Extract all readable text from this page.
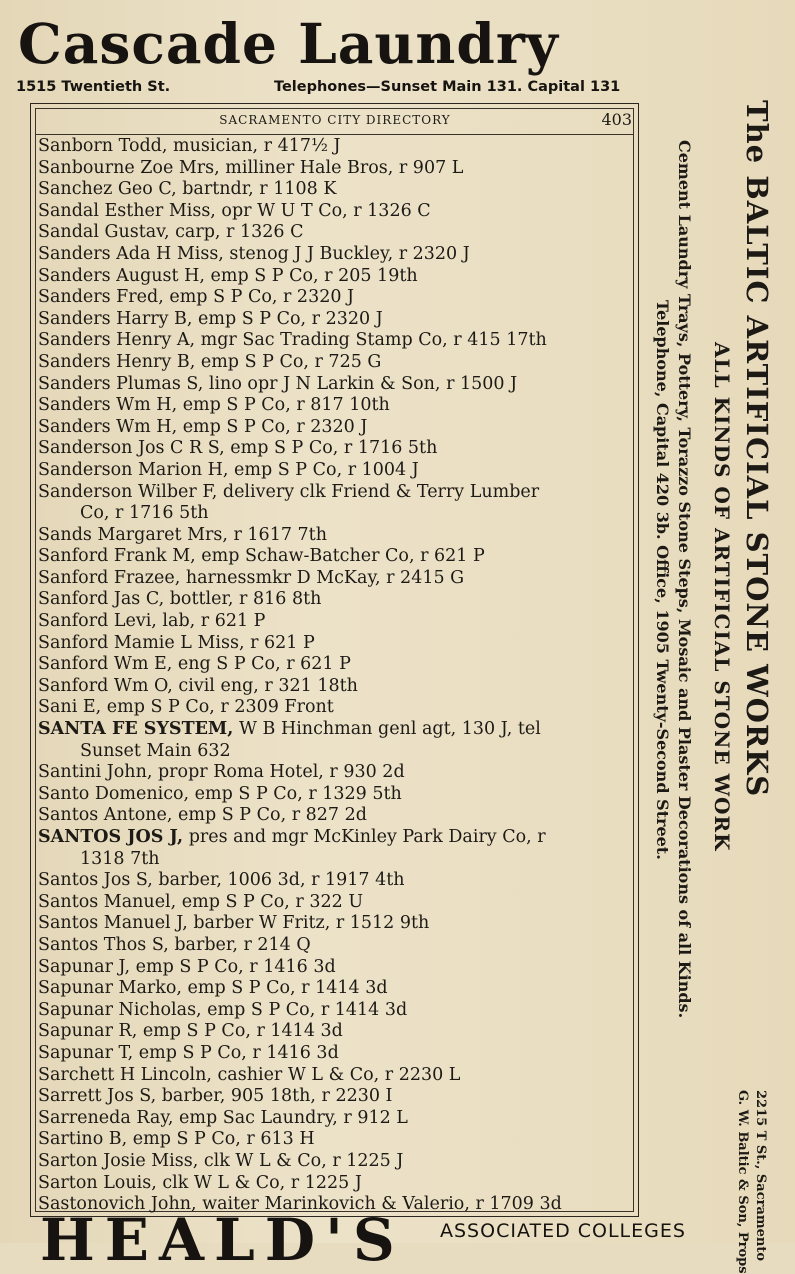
Cascade Laundry
1515 Twentieth St.	Telephones—Sunset Main 131. Capital 131
SACRAMENTO CITY DIRECTORY	403
Sanborn Todd, musician, r 417½ J
Sanbourne Zoe Mrs, milliner Hale Bros, r 907 L
Sanchez Geo C, bartndr, r 1108 K
Sandal Esther Miss, opr W U T Co, r 1326 C
Sandal Gustav, carp, r 1326 C
Sanders Ada H Miss, stenog J J Buckley, r 2320 J
Sanders August H, emp S P Co, r 205 19th
Sanders Fred, emp S P Co, r 2320 J
Sanders Harry B, emp S P Co, r 2320 J
Sanders Henry A, mgr Sac Trading Stamp Co, r 415 17th
Sanders Henry B, emp S P Co, r 725 G
Sanders Plumas S, lino opr J N Larkin & Son, r 1500 J
Sanders Wm H, emp S P Co, r 817 10th
Sanders Wm H, emp S P Co, r 2320 J
Sanderson Jos C R S, emp S P Co, r 1716 5th
Sanderson Marion H, emp S P Co, r 1004 J
Sanderson Wilber F, delivery clk Friend & Terry Lumber
Co, r 1716 5th
Sands Margaret Mrs, r 1617 7th
Sanford Frank M, emp Schaw-Batcher Co, r 621 P
Sanford Frazee, harnessmkr D McKay, r 2415 G
Sanford Jas C, bottler, r 816 8th
Sanford Levi, lab, r 621 P
Sanford Mamie L Miss, r 621 P
Sanford Wm E, eng S P Co, r 621 P
Sanford Wm O, civil eng, r 321 18th
Sani E, emp S P Co, r 2309 Front
SANTA FE SYSTEM, W B Hinchman genl agt, 130 J, tel
Sunset Main 632
Santini John, propr Roma Hotel, r 930 2d
Santo Domenico, emp S P Co, r 1329 5th
Santos Antone, emp S P Co, r 827 2d
SANTOS JOS J, pres and mgr McKinley Park Dairy Co, r
1318 7th
Santos Jos S, barber, 1006 3d, r 1917 4th
Santos Manuel, emp S P Co, r 322 U
Santos Manuel J, barber W Fritz, r 1512 9th
Santos Thos S, barber, r 214 Q
Sapunar J, emp S P Co, r 1416 3d
Sapunar Marko, emp S P Co, r 1414 3d
Sapunar Nicholas, emp S P Co, r 1414 3d
Sapunar R, emp S P Co, r 1414 3d
Sapunar T, emp S P Co, r 1416 3d
Sarchett H Lincoln, cashier W L & Co, r 2230 L
Sarrett Jos S, barber, 905 18th, r 2230 I
Sarreneda Ray, emp Sac Laundry, r 912 L
Sartino B, emp S P Co, r 613 H
Sarton Josie Miss, clk W L & Co, r 1225 J
Sarton Louis, clk W L & Co, r 1225 J
Sastonovich John, waiter Marinkovich & Valerio, r 1709 3d
The BALTIC ARTIFICIAL STONE WORKS
ALL KINDS OF ARTIFICIAL STONE WORK
Cement Laundry Trays, Pottery, Torazzo Stone Steps, Mosaic and Plaster Decorations of all Kinds.
Telephone, Capital 420 3b. Office, 1905 Twenty-Second Street.
2215 T St., Sacramento
G. W. Baltic & Son, Props
HEALD'S ASSOCIATED COLLEGES
